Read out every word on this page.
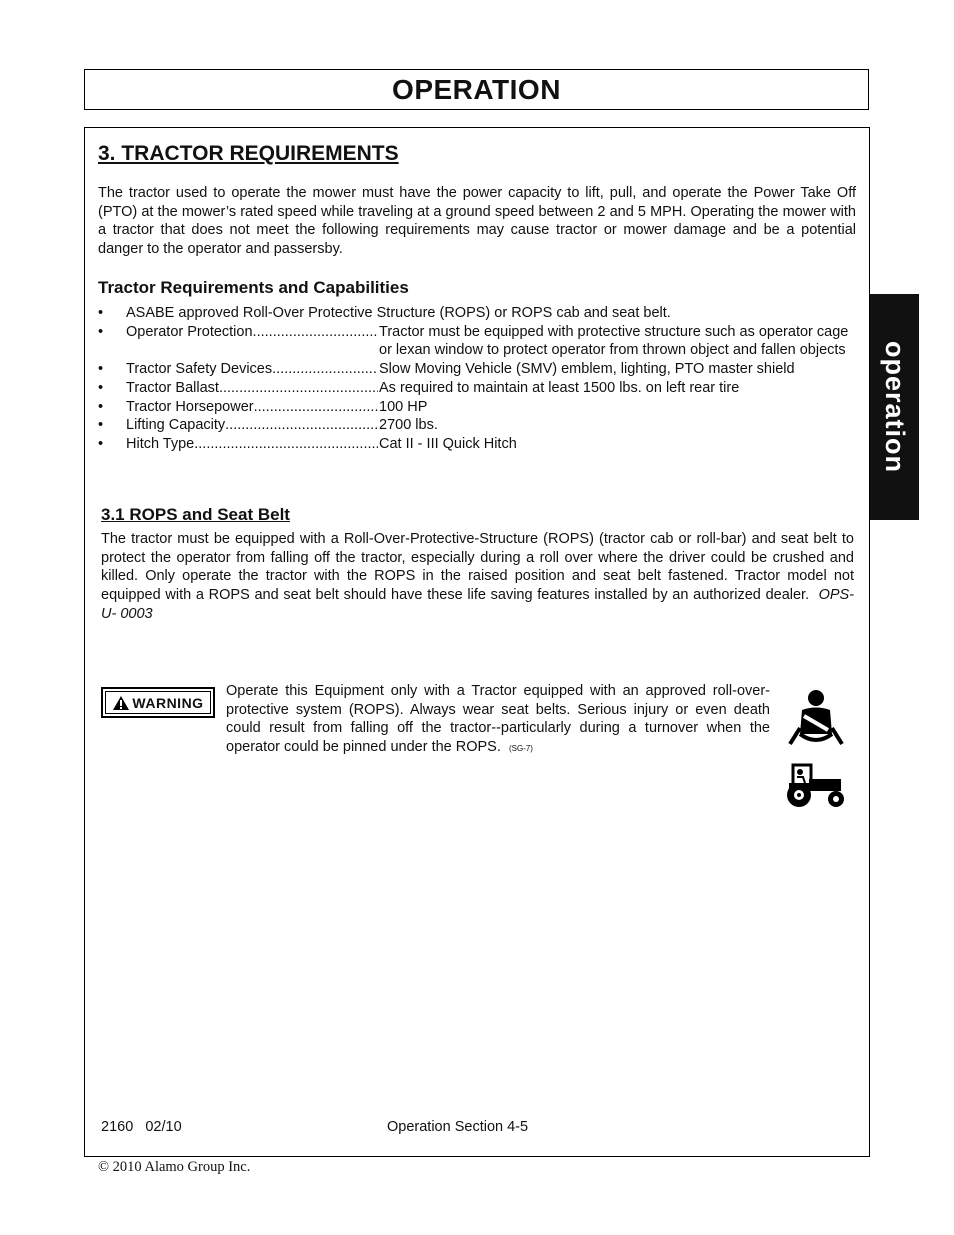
OPERATION
operation
3. TRACTOR REQUIREMENTS

The tractor used to operate the mower must have the power capacity to lift, pull, and operate the Power Take Off (PTO) at the mower’s rated speed while traveling at a ground speed between 2 and 5 MPH. Operating the mower with a tractor that does not meet the following requirements may cause tractor or mower damage and be a potential danger to the operator and passersby.

Tractor Requirements and Capabilities
•	ASABE approved Roll-Over Protective Structure (ROPS) or ROPS cab and seat belt.
•	Operator Protection .....	Tractor must be equipped with protective structure such as operator cage or lexan window to protect operator from thrown object and fallen objects
•	Tractor Safety Devices .....	Slow Moving Vehicle (SMV) emblem, lighting, PTO master shield
•	Tractor Ballast .....	As required to maintain at least 1500 lbs. on left rear tire
•	Tractor Horsepower .....	100 HP
•	Lifting Capacity .....	2700 lbs.
•	Hitch Type .....	Cat II - III Quick Hitch
3.1 ROPS and Seat Belt

The tractor must be equipped with a Roll-Over-Protective-Structure (ROPS) (tractor cab or roll-bar) and seat belt to protect the operator from falling off the tractor, especially during a roll over where the driver could be crushed and killed. Only operate the tractor with the ROPS in the raised position and seat belt fastened. Tractor model not equipped with a ROPS and seat belt should have these life saving features installed by an authorized dealer. OPS-U- 0003

WARNING

Operate this Equipment only with a Tractor equipped with an approved roll-over-protective system (ROPS). Always wear seat belts. Serious injury or even death could result from falling off the tractor--particularly during a turnover when the operator could be pinned under the ROPS. (SG-7)

2160 02/10	Operation Section 4-5
© 2010 Alamo Group Inc.
